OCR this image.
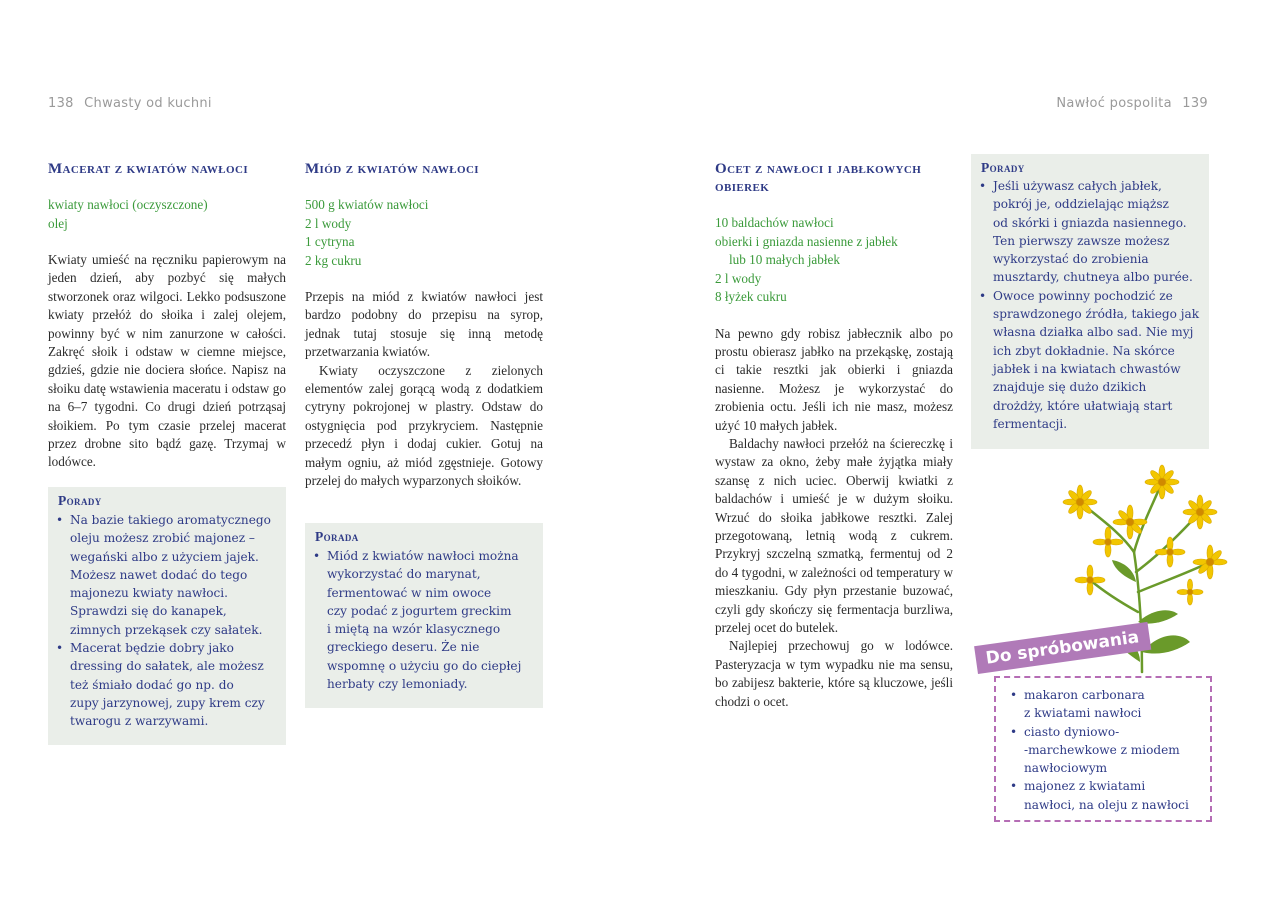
138 Chwasty od kuchni	Nawłoć pospolita 139
Macerat z kwiatów nawłoci
kwiaty nawłoci (oczyszczone)
olej

Kwiaty umieść na ręczniku papierowym na jeden dzień, aby pozbyć się małych stworzonek oraz wilgoci. Lekko podsuszone kwiaty przełóż do słoika i zalej olejem, powinny być w nim zanurzone w całości. Zakręć słoik i odstaw w ciemne miejsce, gdzieś, gdzie nie dociera słońce. Napisz na słoiku datę wstawienia maceratu i odstaw go na 6–7 tygodni. Co drugi dzień potrząsaj słoikiem. Po tym czasie przelej macerat przez drobne sito bądź gazę. Trzymaj w lodówce.

Porady
• Na bazie takiego aromatycznego
oleju możesz zrobić majonez –
wegański albo z użyciem jajek.
Możesz nawet dodać do tego
majonezu kwiaty nawłoci.
Sprawdzi się do kanapek,
zimnych przekąsek czy sałatek.
• Macerat będzie dobry jako
dressing do sałatek, ale możesz
też śmiało dodać go np. do
zupy jarzynowej, zupy krem czy
twarogu z warzywami.
Miód z kwiatów nawłoci
500 g kwiatów nawłoci
2 l wody
1 cytryna
2 kg cukru

Przepis na miód z kwiatów nawłoci jest bardzo podobny do przepisu na syrop, jednak tutaj stosuje się inną metodę przetwarzania kwiatów.

Kwiaty oczyszczone z zielonych elementów zalej gorącą wodą z dodatkiem cytryny pokrojonej w plastry. Odstaw do ostygnięcia pod przykryciem. Następnie przecedź płyn i dodaj cukier. Gotuj na małym ogniu, aż miód zgęstnieje. Gotowy przelej do małych wyparzonych słoików.

Porada
• Miód z kwiatów nawłoci można
wykorzystać do marynat,
fermentować w nim owoce
czy podać z jogurtem greckim
i miętą na wzór klasycznego
greckiego deseru. Że nie
wspomnę o użyciu go do ciepłej
herbaty czy lemoniady.
Ocet z nawłoci i jabłkowych
obierek
10 baldachów nawłoci
obierki i gniazda nasienne z jabłek
lub 10 małych jabłek
2 l wody
8 łyżek cukru

Na pewno gdy robisz jabłecznik albo po prostu obierasz jabłko na przekąskę, zostają ci takie resztki jak obierki i gniazda nasienne. Możesz je wykorzystać do zrobienia octu. Jeśli ich nie masz, możesz użyć 10 małych jabłek.

Baldachy nawłoci przełóż na ściereczkę i wystaw za okno, żeby małe żyjątka miały szansę z nich uciec. Oberwij kwiatki z baldachów i umieść je w dużym słoiku. Wrzuć do słoika jabłkowe resztki. Zalej przegotowaną, letnią wodą z cukrem. Przykryj szczelną szmatką, fermentuj od 2 do 4 tygodni, w zależności od temperatury w mieszkaniu. Gdy płyn przestanie buzować, czyli gdy skończy się fermentacja burzliwa, przelej ocet do butelek.

Najlepiej przechowuj go w lodówce. Pasteryzacja w tym wypadku nie ma sensu, bo zabijesz bakterie, które są kluczowe, jeśli chodzi o ocet.

Porady
• Jeśli używasz całych jabłek,
pokrój je, oddzielając miąższ
od skórki i gniazda nasiennego.
Ten pierwszy zawsze możesz
wykorzystać do zrobienia
musztardy, chutneya albo purée.
• Owoce powinny pochodzić ze
sprawdzonego źródła, takiego jak
własna działka albo sad. Nie myj
ich zbyt dokładnie. Na skórce
jabłek i na kwiatach chwastów
znajduje się dużo dzikich
drożdży, które ułatwiają start
fermentacji.
• makaron carbonara
z kwiatami nawłoci
• ciasto dyniowo-
-marchewkowe z miodem
nawłociowym
• majonez z kwiatami
nawłoci, na oleju z nawłoci
Do spróbowania
